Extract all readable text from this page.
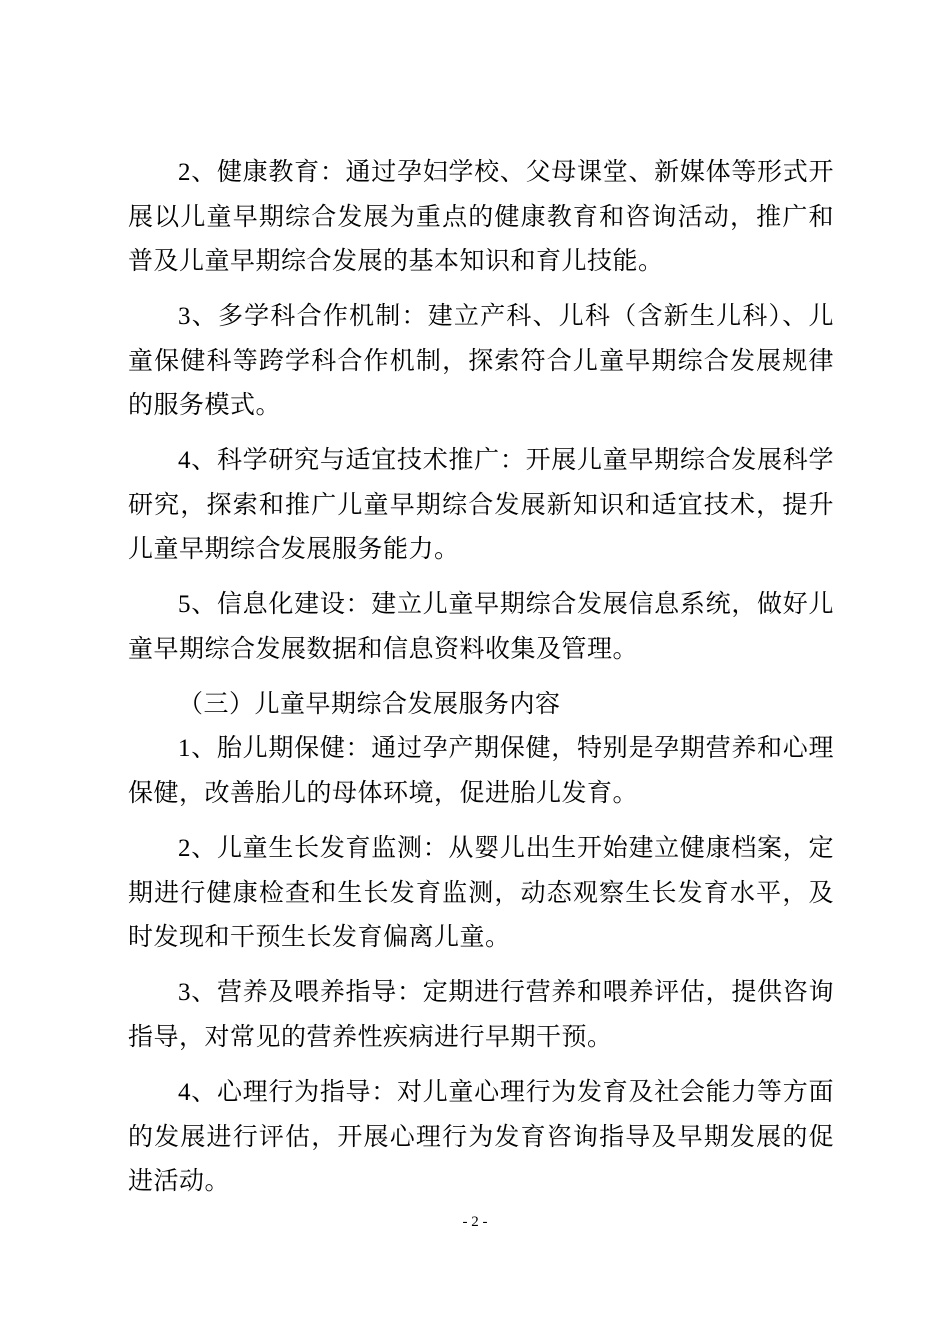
2、健康教育：通过孕妇学校、父母课堂、新媒体等形式开展以儿童早期综合发展为重点的健康教育和咨询活动，推广和普及儿童早期综合发展的基本知识和育儿技能。

3、多学科合作机制：建立产科、儿科（含新生儿科）、儿童保健科等跨学科合作机制，探索符合儿童早期综合发展规律的服务模式。

4、科学研究与适宜技术推广：开展儿童早期综合发展科学研究，探索和推广儿童早期综合发展新知识和适宜技术，提升儿童早期综合发展服务能力。

5、信息化建设：建立儿童早期综合发展信息系统，做好儿童早期综合发展数据和信息资料收集及管理。

（三）儿童早期综合发展服务内容

1、胎儿期保健：通过孕产期保健，特别是孕期营养和心理保健，改善胎儿的母体环境，促进胎儿发育。

2、儿童生长发育监测：从婴儿出生开始建立健康档案，定期进行健康检查和生长发育监测，动态观察生长发育水平，及时发现和干预生长发育偏离儿童。

3、营养及喂养指导：定期进行营养和喂养评估，提供咨询指导，对常见的营养性疾病进行早期干预。

4、心理行为指导：对儿童心理行为发育及社会能力等方面的发展进行评估，开展心理行为发育咨询指导及早期发展的促进活动。

- 2 -
